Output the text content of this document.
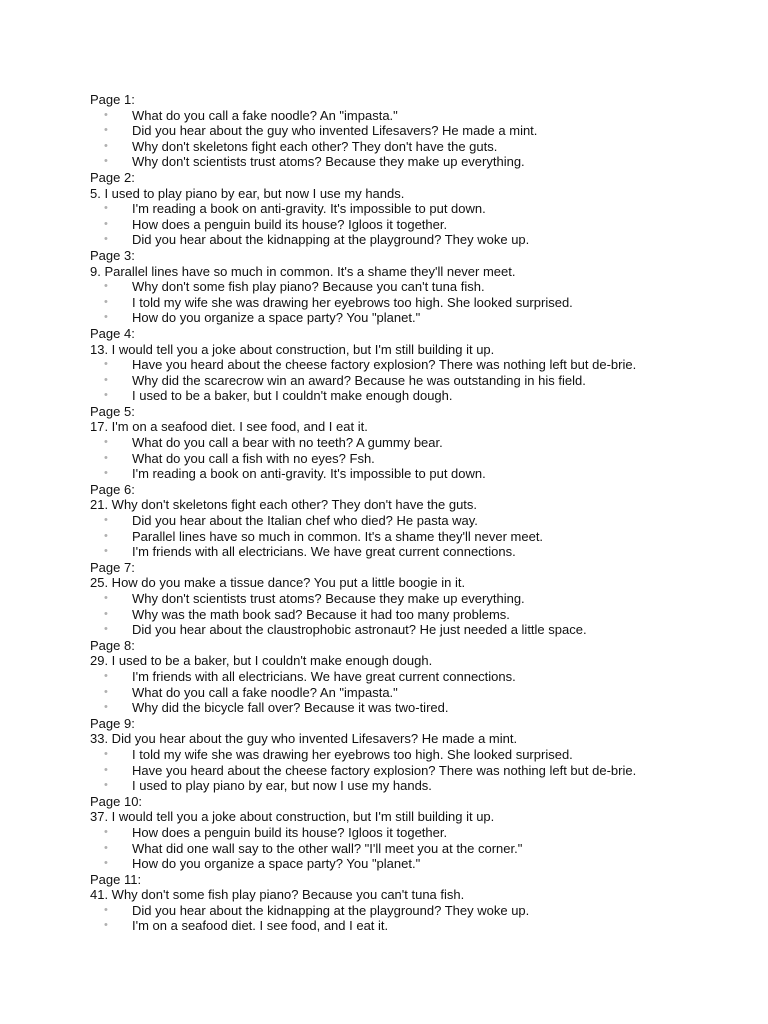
Page 1:
• What do you call a fake noodle? An "impasta."
• Did you hear about the guy who invented Lifesavers? He made a mint.
• Why don't skeletons fight each other? They don't have the guts.
• Why don't scientists trust atoms? Because they make up everything.
Page 2:
5. I used to play piano by ear, but now I use my hands.
• I'm reading a book on anti-gravity. It's impossible to put down.
• How does a penguin build its house? Igloos it together.
• Did you hear about the kidnapping at the playground? They woke up.
Page 3:
9. Parallel lines have so much in common. It's a shame they'll never meet.
• Why don't some fish play piano? Because you can't tuna fish.
• I told my wife she was drawing her eyebrows too high. She looked surprised.
• How do you organize a space party? You "planet."
Page 4:
13. I would tell you a joke about construction, but I'm still building it up.
• Have you heard about the cheese factory explosion? There was nothing left but de-brie.
• Why did the scarecrow win an award? Because he was outstanding in his field.
• I used to be a baker, but I couldn't make enough dough.
Page 5:
17. I'm on a seafood diet. I see food, and I eat it.
• What do you call a bear with no teeth? A gummy bear.
• What do you call a fish with no eyes? Fsh.
• I'm reading a book on anti-gravity. It's impossible to put down.
Page 6:
21. Why don't skeletons fight each other? They don't have the guts.
• Did you hear about the Italian chef who died? He pasta way.
• Parallel lines have so much in common. It's a shame they'll never meet.
• I'm friends with all electricians. We have great current connections.
Page 7:
25. How do you make a tissue dance? You put a little boogie in it.
• Why don't scientists trust atoms? Because they make up everything.
• Why was the math book sad? Because it had too many problems.
• Did you hear about the claustrophobic astronaut? He just needed a little space.
Page 8:
29. I used to be a baker, but I couldn't make enough dough.
• I'm friends with all electricians. We have great current connections.
• What do you call a fake noodle? An "impasta."
• Why did the bicycle fall over? Because it was two-tired.
Page 9:
33. Did you hear about the guy who invented Lifesavers? He made a mint.
• I told my wife she was drawing her eyebrows too high. She looked surprised.
• Have you heard about the cheese factory explosion? There was nothing left but de-brie.
• I used to play piano by ear, but now I use my hands.
Page 10:
37. I would tell you a joke about construction, but I'm still building it up.
• How does a penguin build its house? Igloos it together.
• What did one wall say to the other wall? "I'll meet you at the corner."
• How do you organize a space party? You "planet."
Page 11:
41. Why don't some fish play piano? Because you can't tuna fish.
• Did you hear about the kidnapping at the playground? They woke up.
• I'm on a seafood diet. I see food, and I eat it.
